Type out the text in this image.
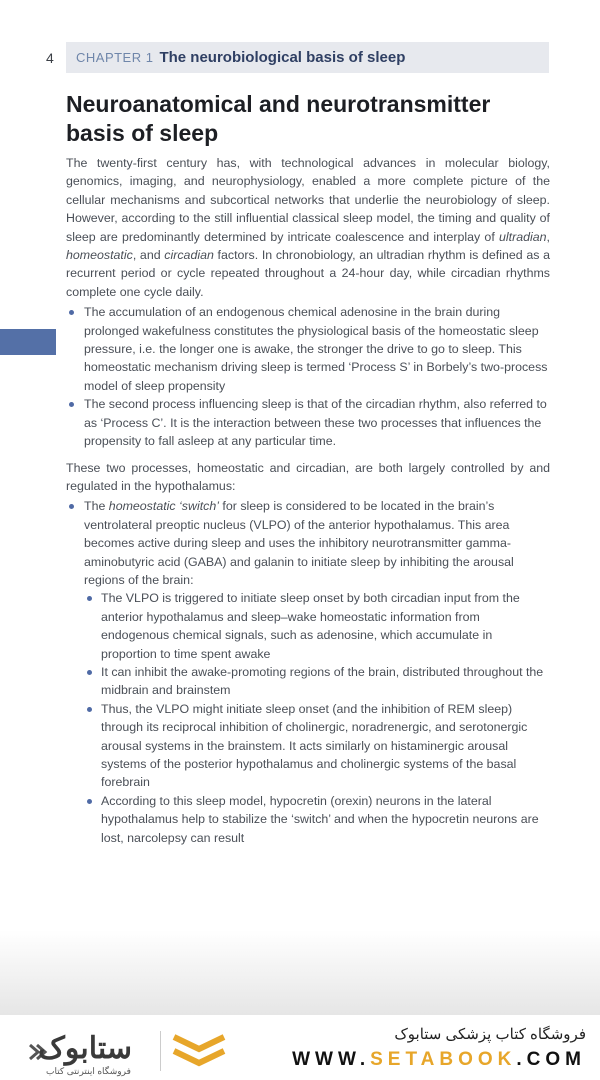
4 CHAPTER 1 The neurobiological basis of sleep
Neuroanatomical and neurotransmitter basis of sleep

The twenty-first century has, with technological advances in molecular biology, genomics, imaging, and neurophysiology, enabled a more complete picture of the cellular mechanisms and subcortical networks that underlie the neurobiology of sleep. However, according to the still influential classical sleep model, the timing and quality of sleep are predominantly determined by intricate coalescence and interplay of ultradian, homeostatic, and circadian factors. In chronobiology, an ultradian rhythm is defined as a recurrent period or cycle repeated throughout a 24-hour day, while circadian rhythms complete one cycle daily.

The accumulation of an endogenous chemical adenosine in the brain during prolonged wakefulness constitutes the physiological basis of the homeostatic sleep pressure, i.e. the longer one is awake, the stronger the drive to go to sleep. This homeostatic mechanism driving sleep is termed ‘Process S’ in Borbely’s two-process model of sleep propensity
The second process influencing sleep is that of the circadian rhythm, also referred to as ‘Process C’. It is the interaction between these two processes that influences the propensity to fall asleep at any particular time.

These two processes, homeostatic and circadian, are both largely controlled by and regulated in the hypothalamus:

The homeostatic ‘switch’ for sleep is considered to be located in the brain’s ventrolateral preoptic nucleus (VLPO) of the anterior hypothalamus. This area becomes active during sleep and uses the inhibitory neurotransmitter gamma-aminobutyric acid (GABA) and galanin to initiate sleep by inhibiting the arousal regions of the brain:
The VLPO is triggered to initiate sleep onset by both circadian input from the anterior hypothalamus and sleep–wake homeostatic information from endogenous chemical signals, such as adenosine, which accumulate in proportion to time spent awake
It can inhibit the awake-promoting regions of the brain, distributed throughout the midbrain and brainstem
Thus, the VLPO might initiate sleep onset (and the inhibition of REM sleep) through its reciprocal inhibition of cholinergic, noradrenergic, and serotonergic arousal systems in the brainstem. It acts similarly on histaminergic arousal systems of the posterior hypothalamus and cholinergic systems of the basal forebrain
According to this sleep model, hypocretin (orexin) neurons in the lateral hypothalamus help to stabilize the ‘switch’ and when the hypocretin neurons are lost, narcolepsy can result
ستابوک
فروشگاه اینترنتی کتاب
فروشگاه کتاب پزشکی ستابوک
WWW.SETABOOK.COM
